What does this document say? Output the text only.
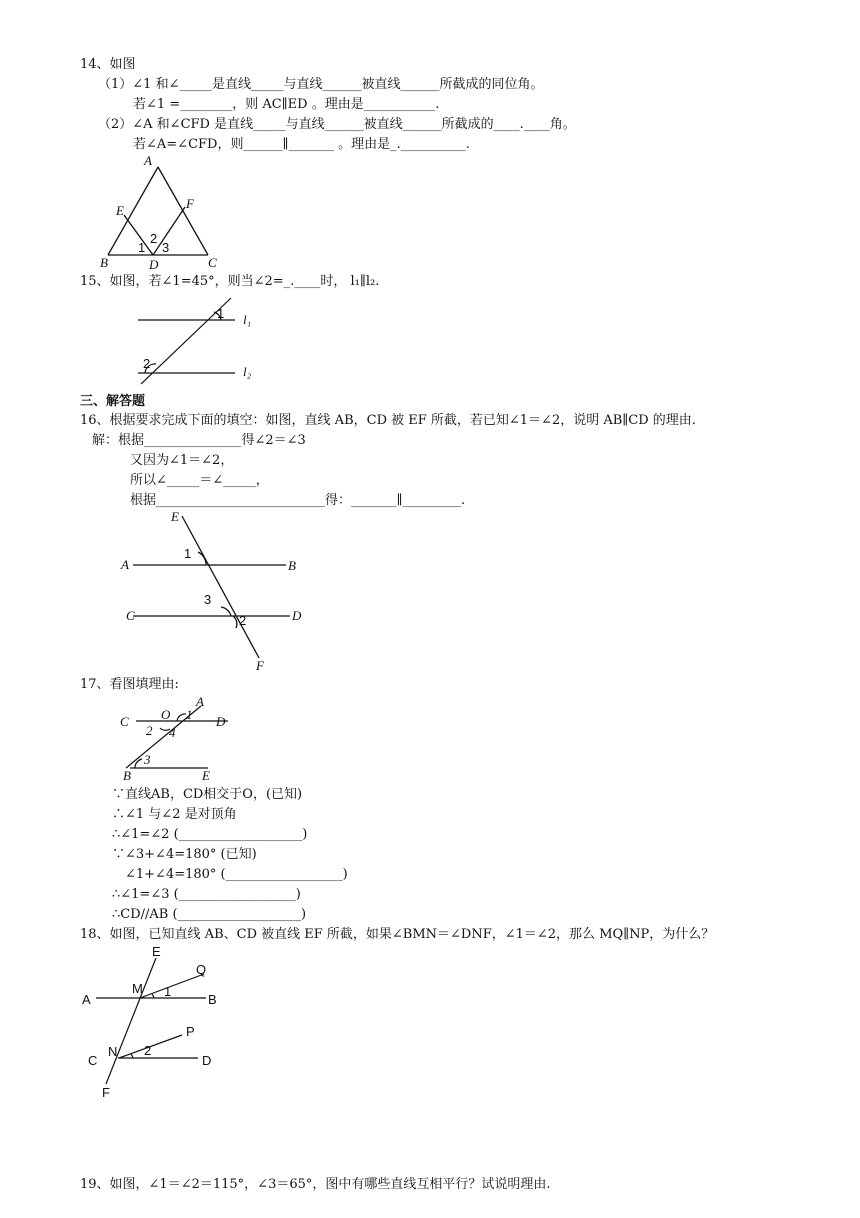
14、如图
（1）∠1 和∠_____是直线_____与直线______被直线______所截成的同位角。
若∠1 =________，则 AC∥ED 。理由是___________.
（2）∠A 和∠CFD 是直线_____与直线______被直线______所截成的____.____角。
若∠A=∠CFD，则______∥_______ 。理由是_.__________.
A
E	F
B	D	C
1
2
3
15、如图，若∠1=45°，则当∠2=_.____时， l₁∥l₂.
1
2
l₁
l₂
三、解答题
16、根据要求完成下面的填空：如图，直线 AB，CD 被 EF 所截，若已知∠1＝∠2，说明 AB∥CD 的理由.
解：根据_______________得∠2＝∠3
又因为∠1＝∠2，
所以∠_____＝∠_____，
根据__________________________得：_______∥_________.
E
A	B
C	D
F
1
3
2
17、看图填理由:
A
C O	D
B	E
1
2 4
3
∵直线AB，CD相交于O，(已知)
∴∠1 与∠2 是对顶角
∴∠1=∠2 (___________________)
∵∠3+∠4=180° (已知)
∠1+∠4=180° (__________________)
∴∠1=∠3 (__________________)
∴CD//AB (___________________)
18、如图，已知直线 AB、CD 被直线 EF 所截，如果∠BMN＝∠DNF，∠1＝∠2，那么 MQ∥NP，为什么？
E
Q
M
A	B
1
P
N
C	D
2
F
19、如图，∠1＝∠2＝115°，∠3＝65°，图中有哪些直线互相平行？试说明理由.
